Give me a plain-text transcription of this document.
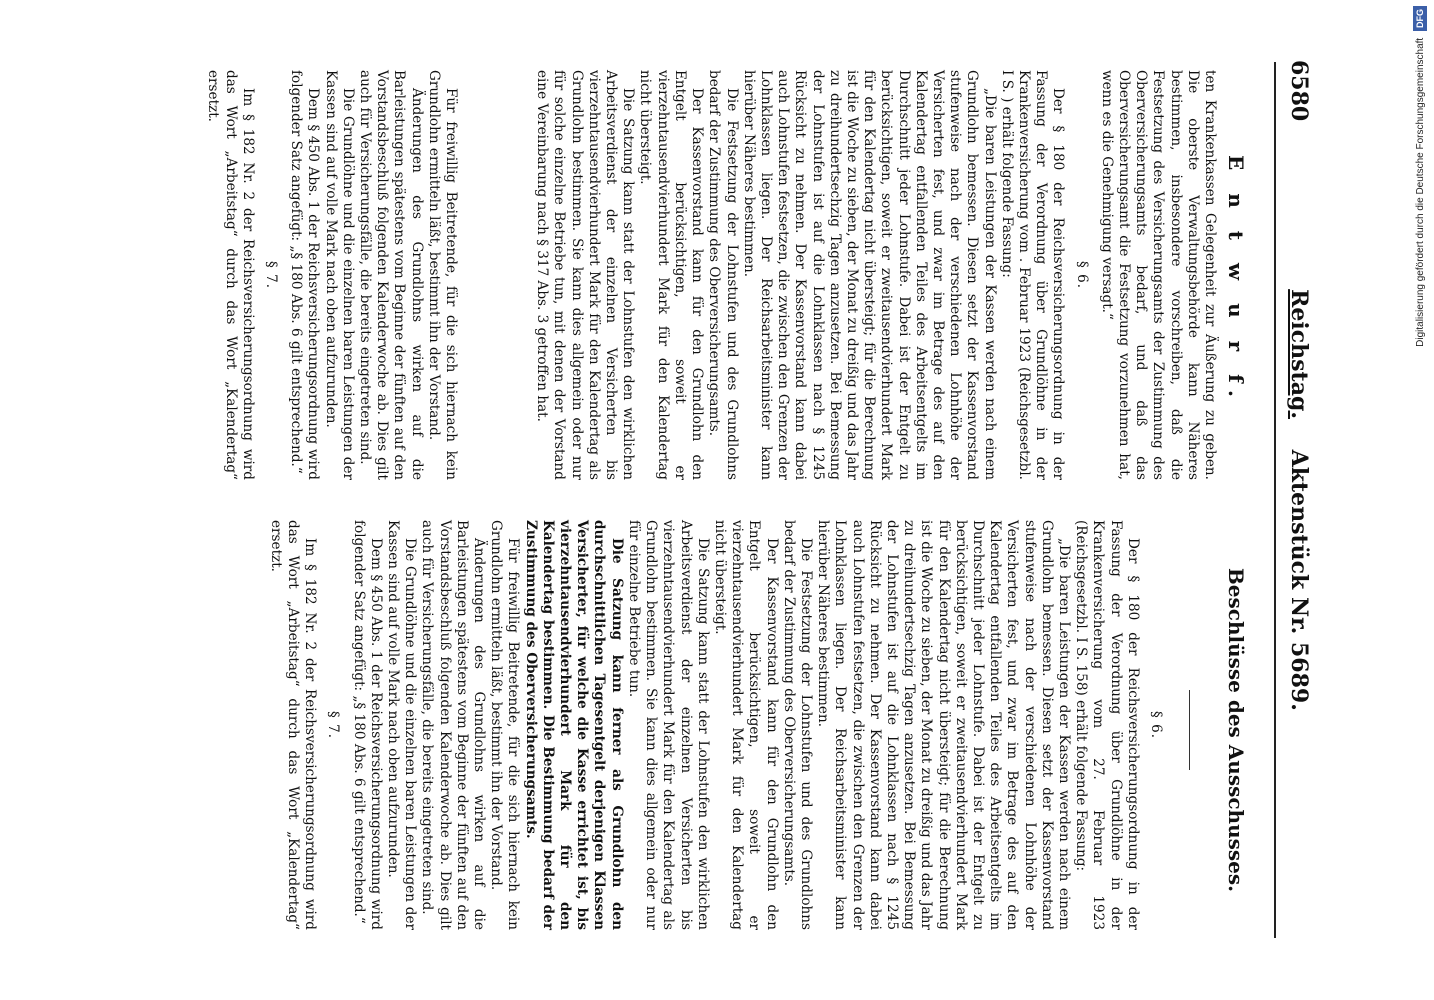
6580
Reichstag.    Aktenstück Nr. 5689.
E n t w u r f.
Beschlüsse des Ausschusses.

ten Krankenkassen Gelegenheit zur Äußerung zu geben. Die oberste Verwaltungsbehörde kann Näheres bestimmen, insbesondere vorschreiben, daß die Festsetzung des Versicherungsamts der Zustimmung des Oberversicherungsamts bedarf, und daß das Oberversicherungsamt die Festsetzung vorzunehmen hat, wenn es die Genehmigung versagt.“

§ 6.

Der § 180 der Reichsversicherungsordnung in der Fassung der Verordnung über Grundlöhne in der Krankenversicherung vom . Februar 1923 (Reichsgesetzbl. I S. ) erhält folgende Fassung:

„Die baren Leistungen der Kassen werden nach einem Grundlohn bemessen. Diesen setzt der Kassenvorstand stufenweise nach der verschiedenen Lohnhöhe der Versicherten fest, und zwar im Betrage des auf den Kalendertag entfallenden Teiles des Arbeitsentgelts im Durchschnitt jeder Lohnstufe. Dabei ist der Entgelt zu berücksichtigen, soweit er zweitausendvierhundert Mark für den Kalendertag nicht übersteigt; für die Berechnung ist die Woche zu sieben, der Monat zu dreißig und das Jahr zu dreihundertsechzig Tagen anzusetzen. Bei Bemessung der Lohnstufen ist auf die Lohnklassen nach § 1245 Rücksicht zu nehmen. Der Kassenvorstand kann dabei auch Lohnstufen festsetzen, die zwischen den Grenzen der Lohnklassen liegen. Der Reichsarbeitsminister kann hierüber Näheres bestimmen.

Die Festsetzung der Lohnstufen und des Grundlohns bedarf der Zustimmung des Oberversicherungsamts.

Der Kassenvorstand kann für den Grundlohn den Entgelt berücksichtigen, soweit er vierzehntausendvierhundert Mark für den Kalendertag nicht übersteigt.

Die Satzung kann statt der Lohnstufen den wirklichen Arbeitsverdienst der einzelnen Versicherten bis vierzehntausendvierhundert Mark für den Kalendertag als Grundlohn bestimmen. Sie kann dies allgemein oder nur für solche einzelne Betriebe tun, mit denen der Vorstand eine Vereinbarung nach § 317 Abs. 3 getroffen hat.

Für freiwillig Beitretende, für die sich hiernach kein Grundlohn ermitteln läßt, bestimmt ihn der Vorstand.

Änderungen des Grundlohns wirken auf die Barleistungen spätestens vom Beginne der fünften auf den Vorstandsbeschluß folgenden Kalenderwoche ab. Dies gilt auch für Versicherungsfälle, die bereits eingetreten sind.

Die Grundlöhne und die einzelnen baren Leistungen der Kassen sind auf volle Mark nach oben aufzurunden.

Dem § 450 Abs. 1 der Reichsversicherungsordnung wird folgender Satz angefügt: „§ 180 Abs. 6 gilt entsprechend.“

§ 7.

Im § 182 Nr. 2 der Reichsversicherungsordnung wird das Wort „Arbeitstag“ durch das Wort „Kalendertag“ ersetzt.

§ 6.

Der § 180 der Reichsversicherungsordnung in der Fassung der Verordnung über Grundlöhne in der Krankenversicherung vom 27. Februar 1923 (Reichsgesetzbl. I S. 158) erhält folgende Fassung:

„Die baren Leistungen der Kassen werden nach einem Grundlohn bemessen. Diesen setzt der Kassenvorstand stufenweise nach der verschiedenen Lohnhöhe der Versicherten fest, und zwar im Betrage des auf den Kalendertag entfallenden Teiles des Arbeitsentgelts im Durchschnitt jeder Lohnstufe. Dabei ist der Entgelt zu berücksichtigen, soweit er zweitausendvierhundert Mark für den Kalendertag nicht übersteigt; für die Berechnung ist die Woche zu sieben, der Monat zu dreißig und das Jahr zu dreihundertsechzig Tagen anzusetzen. Bei Bemessung der Lohnstufen ist auf die Lohnklassen nach § 1245 Rücksicht zu nehmen. Der Kassenvorstand kann dabei auch Lohnstufen festsetzen, die zwischen den Grenzen der Lohnklassen liegen. Der Reichsarbeitsminister kann hierüber Näheres bestimmen.

Die Festsetzung der Lohnstufen und des Grundlohns bedarf der Zustimmung des Oberversicherungsamts.

Der Kassenvorstand kann für den Grundlohn den Entgelt berücksichtigen, soweit er vierzehntausendvierhundert Mark für den Kalendertag nicht übersteigt.

Die Satzung kann statt der Lohnstufen den wirklichen Arbeitsverdienst der einzelnen Versicherten bis vierzehntausendvierhundert Mark für den Kalendertag als Grundlohn bestimmen. Sie kann dies allgemein oder nur für einzelne Betriebe tun.

Die Satzung kann ferner als Grundlohn den durchschnittlichen Tagesentgelt derjenigen Klassen Versicherter, für welche die Kasse errichtet ist, bis vierzehntausendvierhundert Mark für den Kalendertag bestimmen. Die Bestimmung bedarf der Zustimmung des Oberversicherungsamts.

Für freiwillig Beitretende, für die sich hiernach kein Grundlohn ermitteln läßt, bestimmt ihn der Vorstand.

Änderungen des Grundlohns wirken auf die Barleistungen spätestens vom Beginne der fünften auf den Vorstandsbeschluß folgenden Kalenderwoche ab. Dies gilt auch für Versicherungsfälle, die bereits eingetreten sind.

Die Grundlöhne und die einzelnen baren Leistungen der Kassen sind auf volle Mark nach oben aufzurunden.

Dem § 450 Abs. 1 der Reichsversicherungsordnung wird folgender Satz angefügt: „§ 180 Abs. 6 gilt entsprechend.“

§ 7.

Im § 182 Nr. 2 der Reichsversicherungsordnung wird das Wort „Arbeitstag“ durch das Wort „Kalendertag“ ersetzt.

Digitalisierung gefördert durch die Deutsche Forschungsgemeinschaft DFG
